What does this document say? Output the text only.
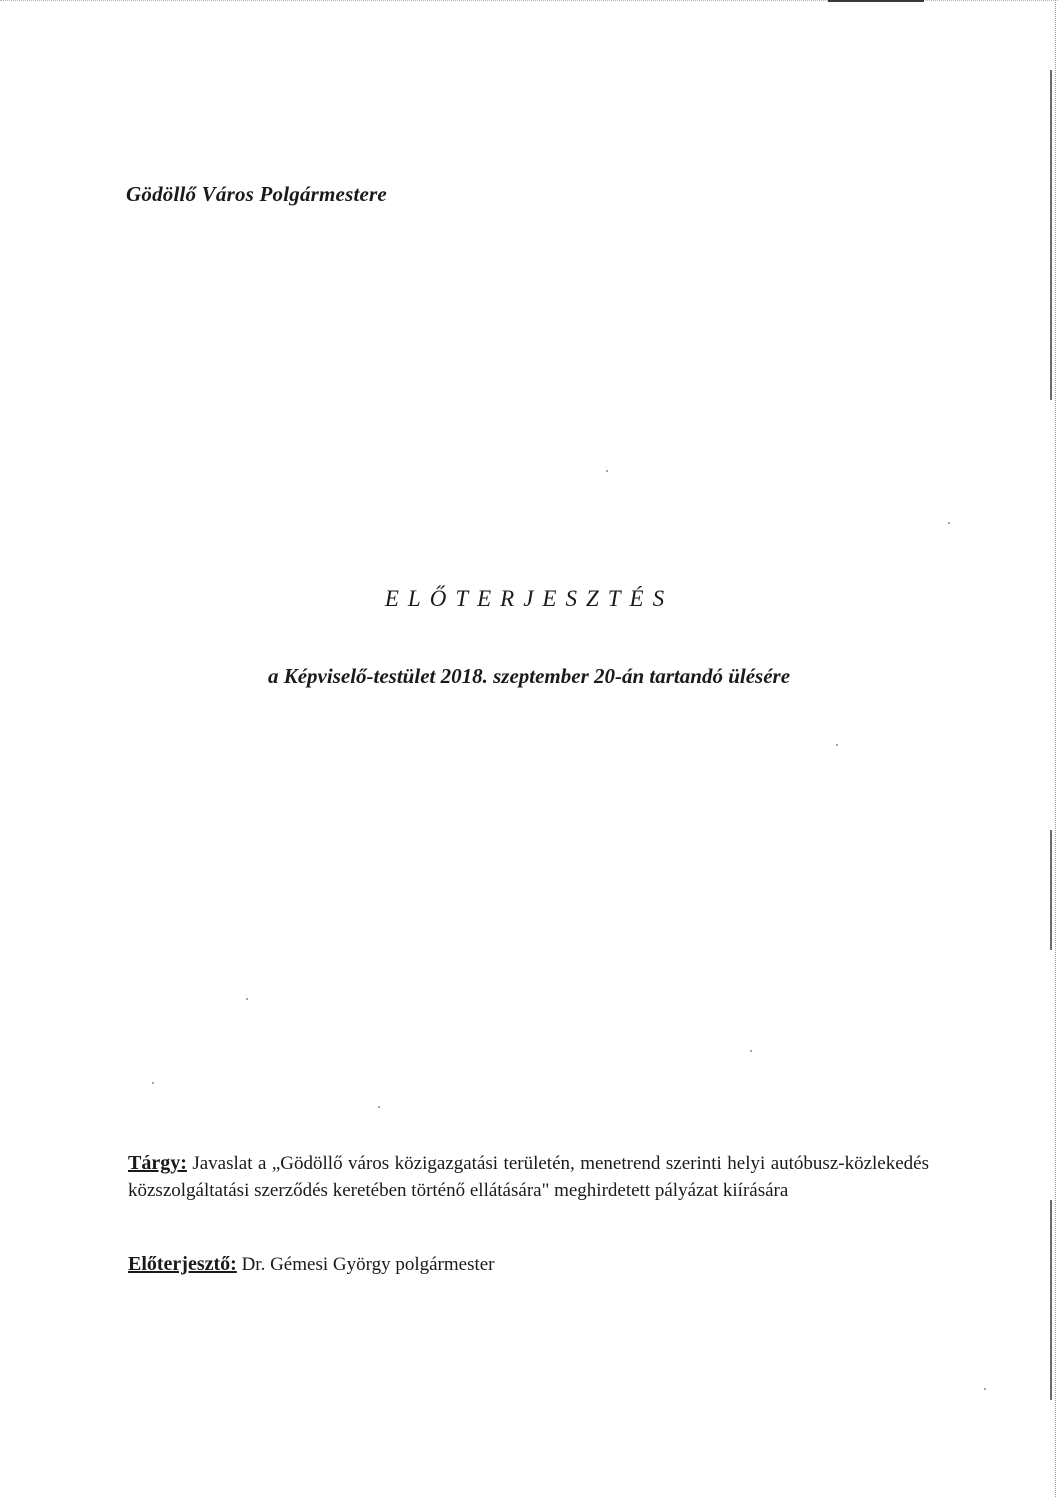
Gödöllő Város Polgármestere
ELŐTERJESZTÉS
a Képviselő-testület 2018. szeptember 20-án tartandó ülésére
Tárgy: Javaslat a „Gödöllő város közigazgatási területén, menetrend szerinti helyi autóbusz-közlekedés közszolgáltatási szerződés keretében történő ellátására" meghirdetett pályázat kiírására
Előterjesztő: Dr. Gémesi György polgármester
